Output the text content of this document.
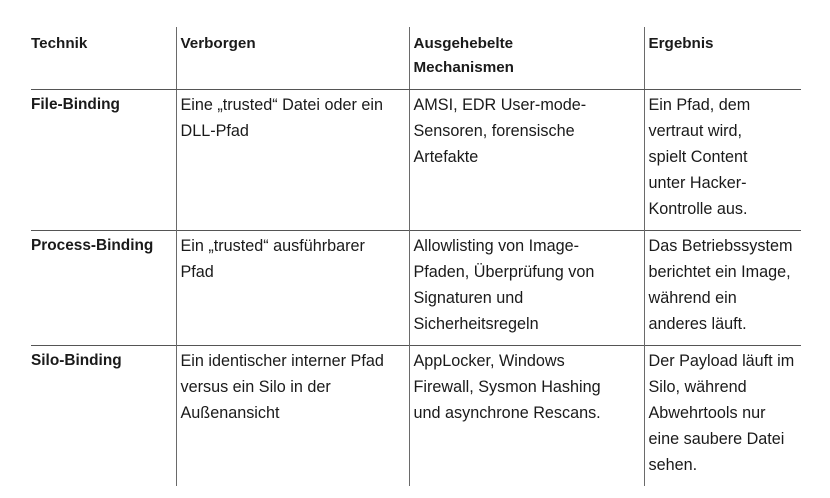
Technik	Verborgen	Ausgehebelte Mechanismen	Ergebnis
File-Binding	Eine „trusted“ Datei oder ein DLL-Pfad	AMSI, EDR User-mode-Sensoren, forensische Artefakte	Ein Pfad, dem vertraut wird, spielt Content unter Hacker-Kontrolle aus.

Process-Binding	Ein „trusted“ ausführbarer Pfad	Allowlisting von Image-Pfaden, Überprüfung von Signaturen und Sicherheitsregeln	Das Betriebssystem berichtet ein Image, während ein anderes läuft.

Silo-Binding	Ein identischer interner Pfad versus ein Silo in der Außenansicht	AppLocker, Windows Firewall, Sysmon Hashing und asynchrone Rescans.	Der Payload läuft im Silo, während Abwehrtools nur eine saubere Datei sehen.
